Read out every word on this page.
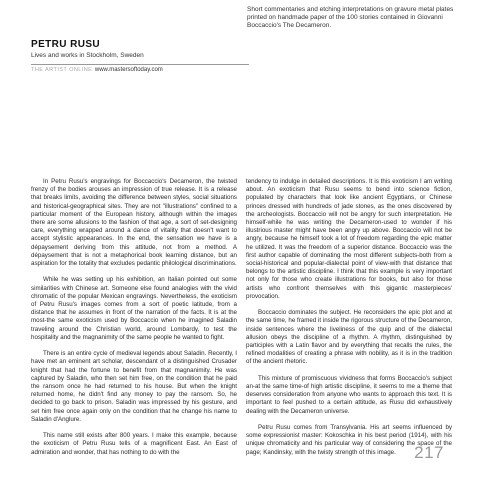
Short commentaries and etching interpretations on gravure metal plates printed on handmade paper of the 100 stories contained in Giovanni Boccaccio's The Decameron.
PETRU RUSU
Lives and works in Stockholm, Sweden
THE ARTIST ONLINE www.mastersoftoday.com

In Petru Rusu's engravings for Boccaccio's Decameron, the twisted frenzy of the bodies arouses an impression of true release. It is a release that breaks limits, avoiding the difference between styles, social situations and historical-geographical sites. They are not "illustrations" confined to a particular moment of the European history, although within the images there are some allusions to the fashion of that age, a sort of set-designing care, everything wrapped around a dance of vitality that doesn't want to accept stylistic appearances. In the end, the sensation we have is a dépaysement deriving from this attitude, not from a method. A dépaysement that is not a metaphorical book learning distance, but an aspiration for the totality that excludes pedantic philological discriminations.

While he was setting up his exhibition, an Italian pointed out some similarities with Chinese art. Someone else found analogies with the vivid chromatic of the popular Mexican engravings. Nevertheless, the exoticism of Petru Rusu's images comes from a sort of poetic latitude, from a distance that he assumes in front of the narration of the facts. It is at the most-the same exoticism used by Boccaccio when he imagined Saladin traveling around the Christian world, around Lombardy, to test the hospitality and the magnanimity of the same people he wanted to fight.

There is an entire cycle of medieval legends about Saladin. Recently, I have met an eminent art scholar, descendant of a distinguished Crusader knight that had the fortune to benefit from that magnanimity. He was captured by Saladin, who then set him free, on the condition that he paid the ransom once he had returned to his house. But when the knight returned home, he didn't find any money to pay the ransom. So, he decided to go back to prison. Saladin was impressed by his gesture, and set him free once again only on the condition that he change his name to Saladin d'Anglure.

This name still exists after 800 years. I make this example, because the exoticism of Petru Rusu tells of a magnificent East. An East of admiration and wonder, that has nothing to do with the

tendency to indulge in detailed descriptions. It is this exoticism I am writing about. An exoticism that Rusu seems to bend into science fiction, populated by characters that look like ancient Egyptians, or Chinese princes dressed with hundreds of jade stones, as the ones discovered by the archeologists. Boccaccio will not be angry for such interpretation. He himself-while he was writing the Decameron-used to wonder if his illustrious master might have been angry up above. Boccaccio will not be angry, because he himself took a lot of freedom regarding the epic matter he utilized. It was the freedom of a superior distance. Boccaccio was the first author capable of dominating the most different subjects-both from a social-historical and popular-dialectal point of view-with that distance that belongs to the artistic discipline. I think that this example is very important not only for those who create illustrations for books, but also for those artists who confront themselves with this gigantic masterpieces' provocation.

Boccaccio dominates the subject. He reconsiders the epic plot and at the same time, he framed it inside the rigorous structure of the Decameron, inside sentences where the liveliness of the quip and of the dialectal allusion obeys the discipline of a rhythm. A rhythm, distinguished by participles with a Latin flavor and by everything that recalls the rules, the refined modalities of creating a phrase with nobility, as it is in the tradition of the ancient rhetoric.

This mixture of promiscuous vividness that forms Boccaccio's subject an-at the same time-of high artistic discipline, it seems to me a theme that deserves consideration from anyone who wants to approach this text. It is important to feel pushed to a certain attitude, as Rusu did exhaustively dealing with the Decameron universe.

Petru Rusu comes from Transylvania. His art seems influenced by some expressionist master: Kokoschka in his best period (1914), with his unique chromaticity and his particular way of considering the space of the page; Kandinsky, with the twisty strength of this image.	217
